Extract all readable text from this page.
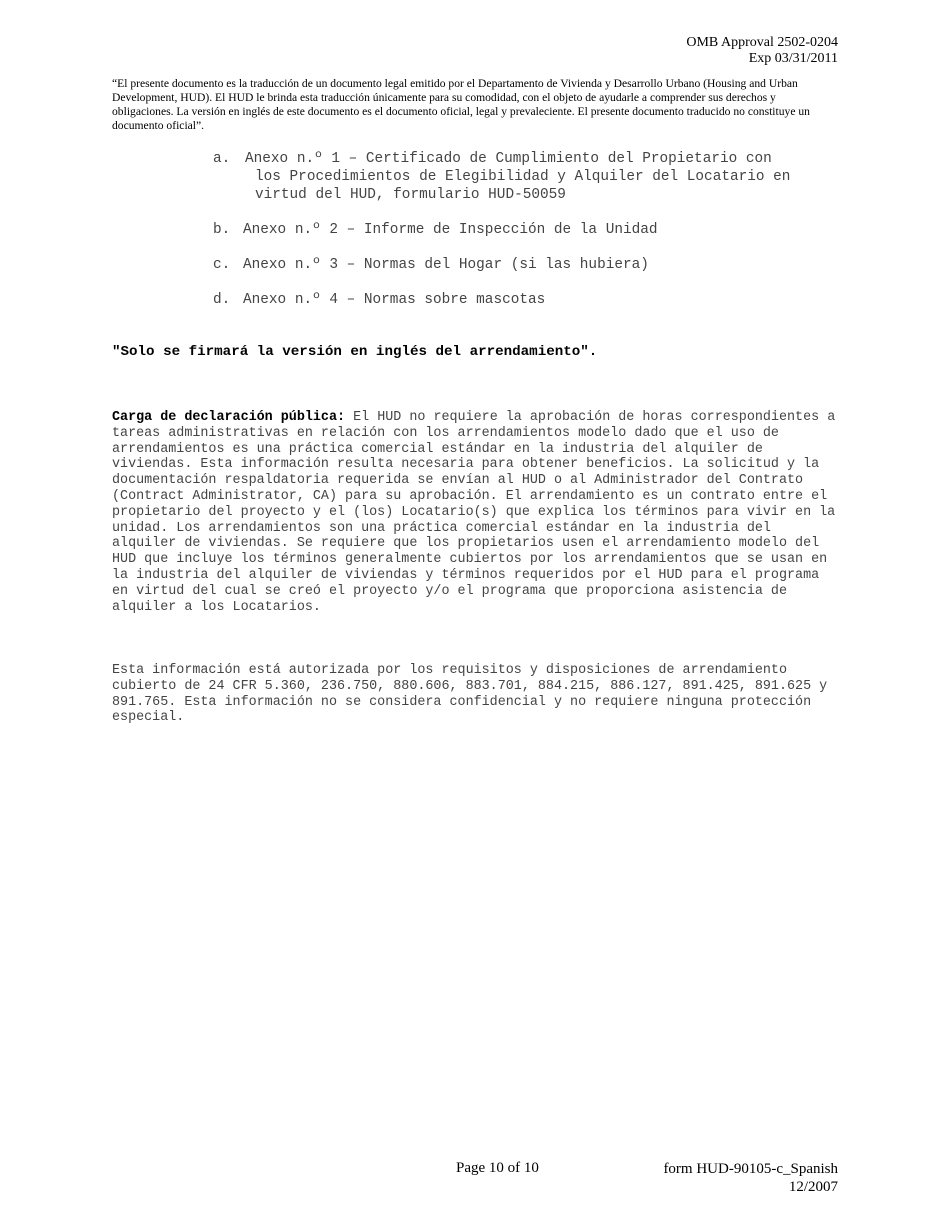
OMB Approval 2502-0204
Exp 03/31/2011
“El presente documento es la traducción de un documento legal emitido por el Departamento de Vivienda y Desarrollo Urbano (Housing and Urban Development, HUD). El HUD le brinda esta traducción únicamente para su comodidad, con el objeto de ayudarle a comprender sus derechos y obligaciones. La versión en inglés de este documento es el documento oficial, legal y prevaleciente. El presente documento traducido no constituye un documento oficial”.
a.	Anexo n.º 1 – Certificado de Cumplimiento del Propietario con
los Procedimientos de Elegibilidad y Alquiler del Locatario en
virtud del HUD, formulario HUD-50059
b. Anexo n.º 2 – Informe de Inspección de la Unidad
c. Anexo n.º 3 – Normas del Hogar (si las hubiera)
d. Anexo n.º 4 – Normas sobre mascotas
"Solo se firmará la versión en inglés del arrendamiento".

Carga de declaración pública: El HUD no requiere la aprobación de horas correspondientes a tareas administrativas en relación con los arrendamientos modelo dado que el uso de arrendamientos es una práctica comercial estándar en la industria del alquiler de viviendas. Esta información resulta necesaria para obtener beneficios. La solicitud y la documentación respaldatoria requerida se envían al HUD o al Administrador del Contrato (Contract Administrator, CA) para su aprobación. El arrendamiento es un contrato entre el propietario del proyecto y el (los) Locatario(s) que explica los términos para vivir en la unidad. Los arrendamientos son una práctica comercial estándar en la industria del alquiler de viviendas. Se requiere que los propietarios usen el arrendamiento modelo del HUD que incluye los términos generalmente cubiertos por los arrendamientos que se usan en la industria del alquiler de viviendas y términos requeridos por el HUD para el programa en virtud del cual se creó el proyecto y/o el programa que proporciona asistencia de alquiler a los Locatarios.

Esta información está autorizada por los requisitos y disposiciones de arrendamiento cubierto de 24 CFR 5.360, 236.750, 880.606, 883.701, 884.215, 886.127, 891.425, 891.625 y 891.765. Esta información no se considera confidencial y no requiere ninguna protección especial.

Page 10 of 10	form HUD-90105-c_Spanish
12/2007
